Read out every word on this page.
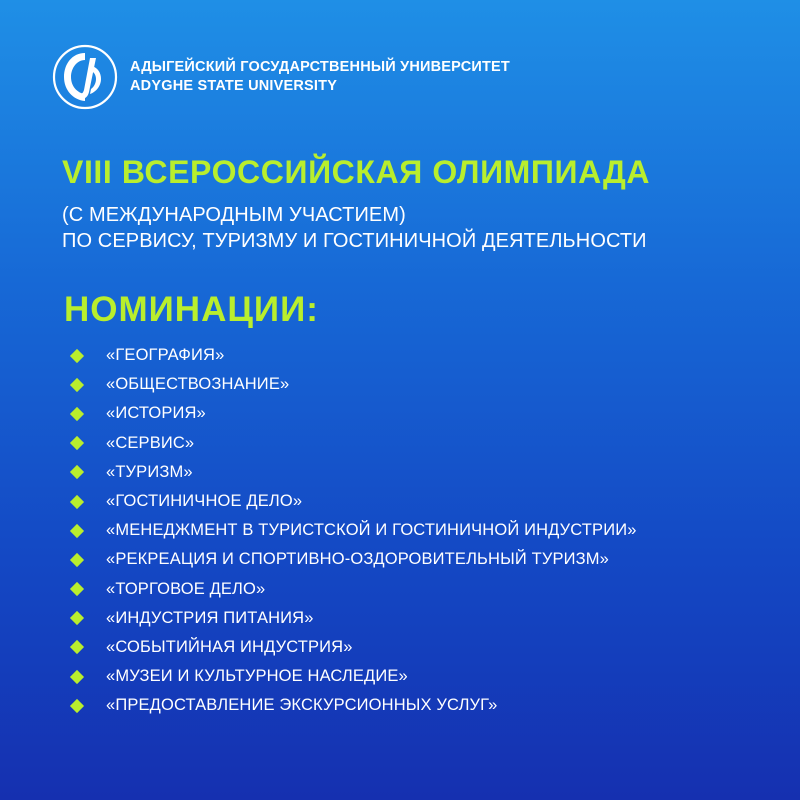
АДЫГЕЙСКИЙ ГОСУДАРСТВЕННЫЙ УНИВЕРСИТЕТ
ADYGHE STATE UNIVERSITY
VIII ВСЕРОССИЙСКАЯ ОЛИМПИАДА
(С МЕЖДУНАРОДНЫМ УЧАСТИЕМ)
ПО СЕРВИСУ, ТУРИЗМУ И ГОСТИНИЧНОЙ ДЕЯТЕЛЬНОСТИ
НОМИНАЦИИ:
«ГЕОГРАФИЯ»
«ОБЩЕСТВОЗНАНИЕ»
«ИСТОРИЯ»
«СЕРВИС»
«ТУРИЗМ»
«ГОСТИНИЧНОЕ ДЕЛО»
«МЕНЕДЖМЕНТ В ТУРИСТСКОЙ И ГОСТИНИЧНОЙ ИНДУСТРИИ»
«РЕКРЕАЦИЯ И СПОРТИВНО-ОЗДОРОВИТЕЛЬНЫЙ ТУРИЗМ»
«ТОРГОВОЕ ДЕЛО»
«ИНДУСТРИЯ ПИТАНИЯ»
«СОБЫТИЙНАЯ ИНДУСТРИЯ»
«МУЗЕИ И КУЛЬТУРНОЕ НАСЛЕДИЕ»
«ПРЕДОСТАВЛЕНИЕ ЭКСКУРСИОННЫХ УСЛУГ»
